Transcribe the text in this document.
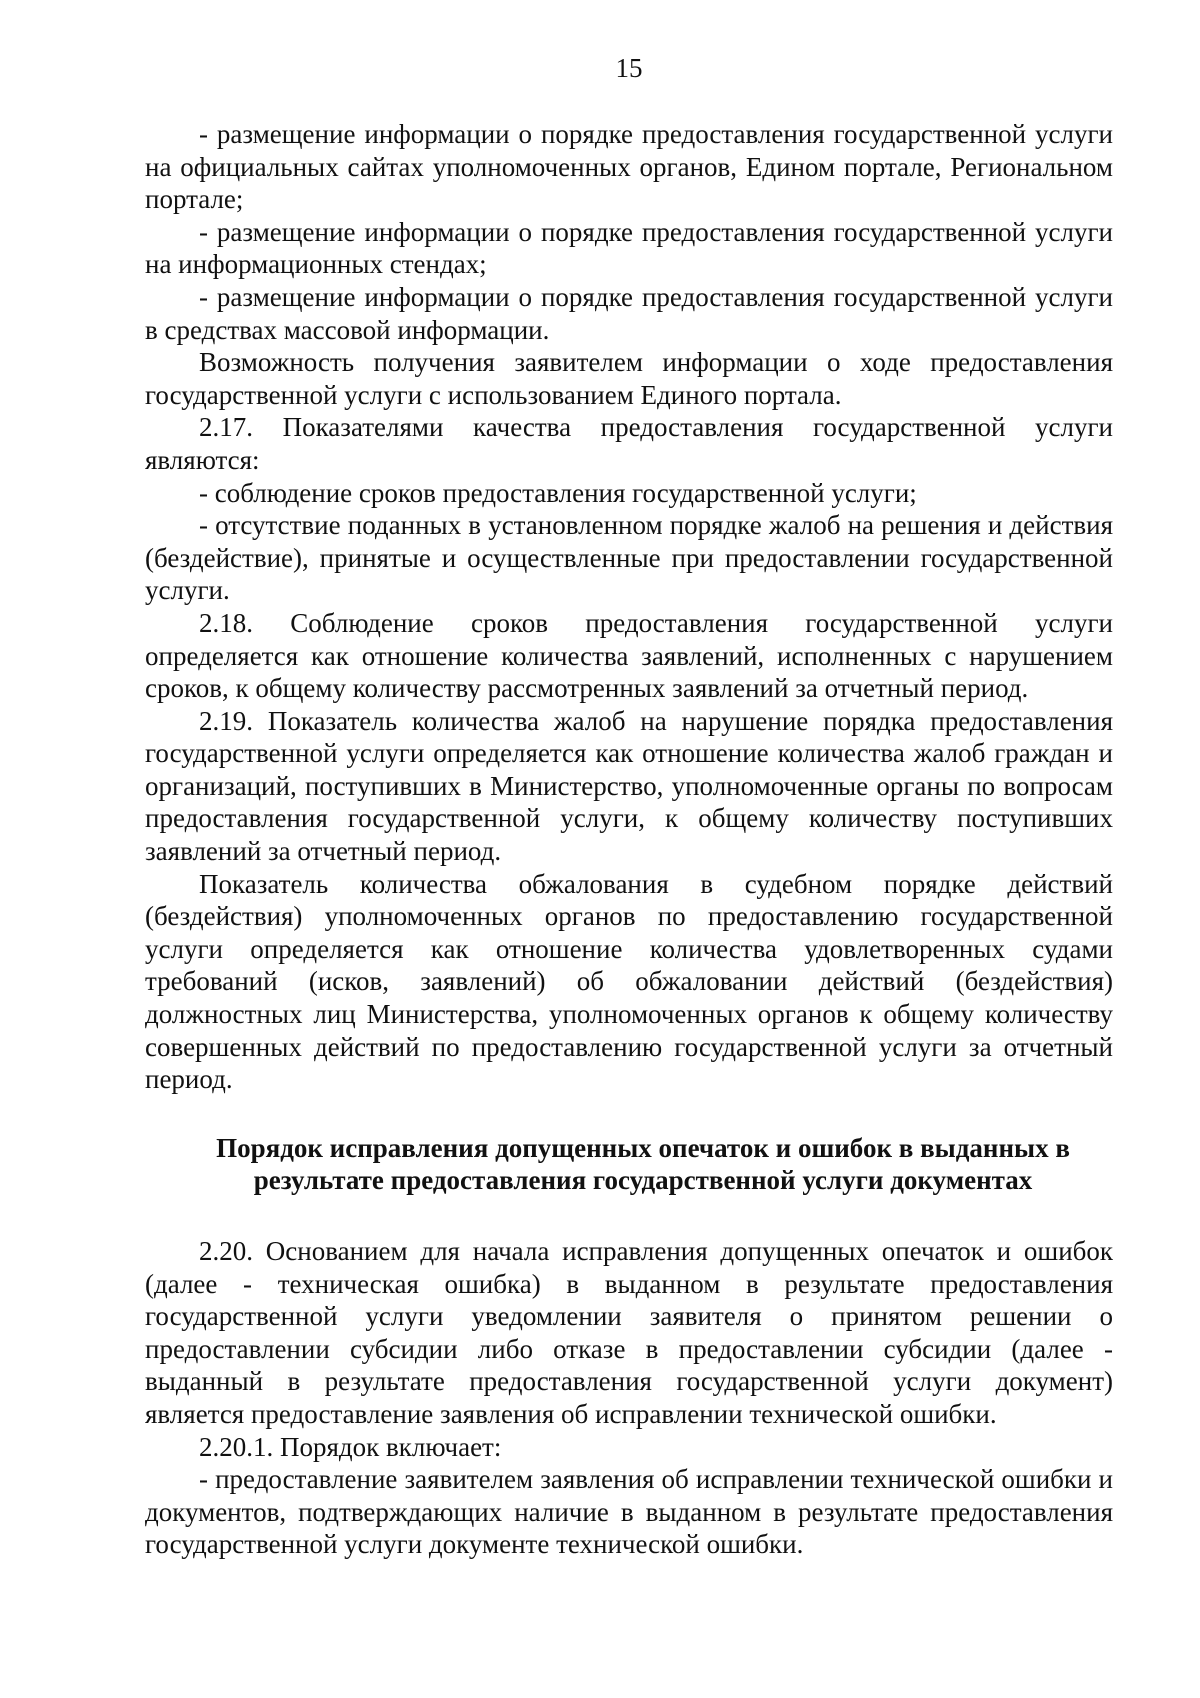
15

- размещение информации о порядке предоставления государственной услуги на официальных сайтах уполномоченных органов, Едином портале, Региональном портале;

- размещение информации о порядке предоставления государственной услуги на информационных стендах;

- размещение информации о порядке предоставления государственной услуги в средствах массовой информации.

Возможность получения заявителем информации о ходе предоставления государственной услуги с использованием Единого портала.

2.17. Показателями качества предоставления государственной услуги являются:

- соблюдение сроков предоставления государственной услуги;

- отсутствие поданных в установленном порядке жалоб на решения и действия (бездействие), принятые и осуществленные при предоставлении государственной услуги.

2.18. Соблюдение сроков предоставления государственной услуги определяется как отношение количества заявлений, исполненных с нарушением сроков, к общему количеству рассмотренных заявлений за отчетный период.

2.19. Показатель количества жалоб на нарушение порядка предоставления государственной услуги определяется как отношение количества жалоб граждан и организаций, поступивших в Министерство, уполномоченные органы по вопросам предоставления государственной услуги, к общему количеству поступивших заявлений за отчетный период.

Показатель количества обжалования в судебном порядке действий (бездействия) уполномоченных органов по предоставлению государственной услуги определяется как отношение количества удовлетворенных судами требований (исков, заявлений) об обжаловании действий (бездействия) должностных лиц Министерства, уполномоченных органов к общему количеству совершенных действий по предоставлению государственной услуги за отчетный период.

Порядок исправления допущенных опечаток и ошибок в выданных в результате предоставления государственной услуги документах

2.20. Основанием для начала исправления допущенных опечаток и ошибок (далее - техническая ошибка) в выданном в результате предоставления государственной услуги уведомлении заявителя о принятом решении о предоставлении субсидии либо отказе в предоставлении субсидии (далее - выданный в результате предоставления государственной услуги документ) является предоставление заявления об исправлении технической ошибки.

2.20.1. Порядок включает:

- предоставление заявителем заявления об исправлении технической ошибки и документов, подтверждающих наличие в выданном в результате предоставления государственной услуги документе технической ошибки.
